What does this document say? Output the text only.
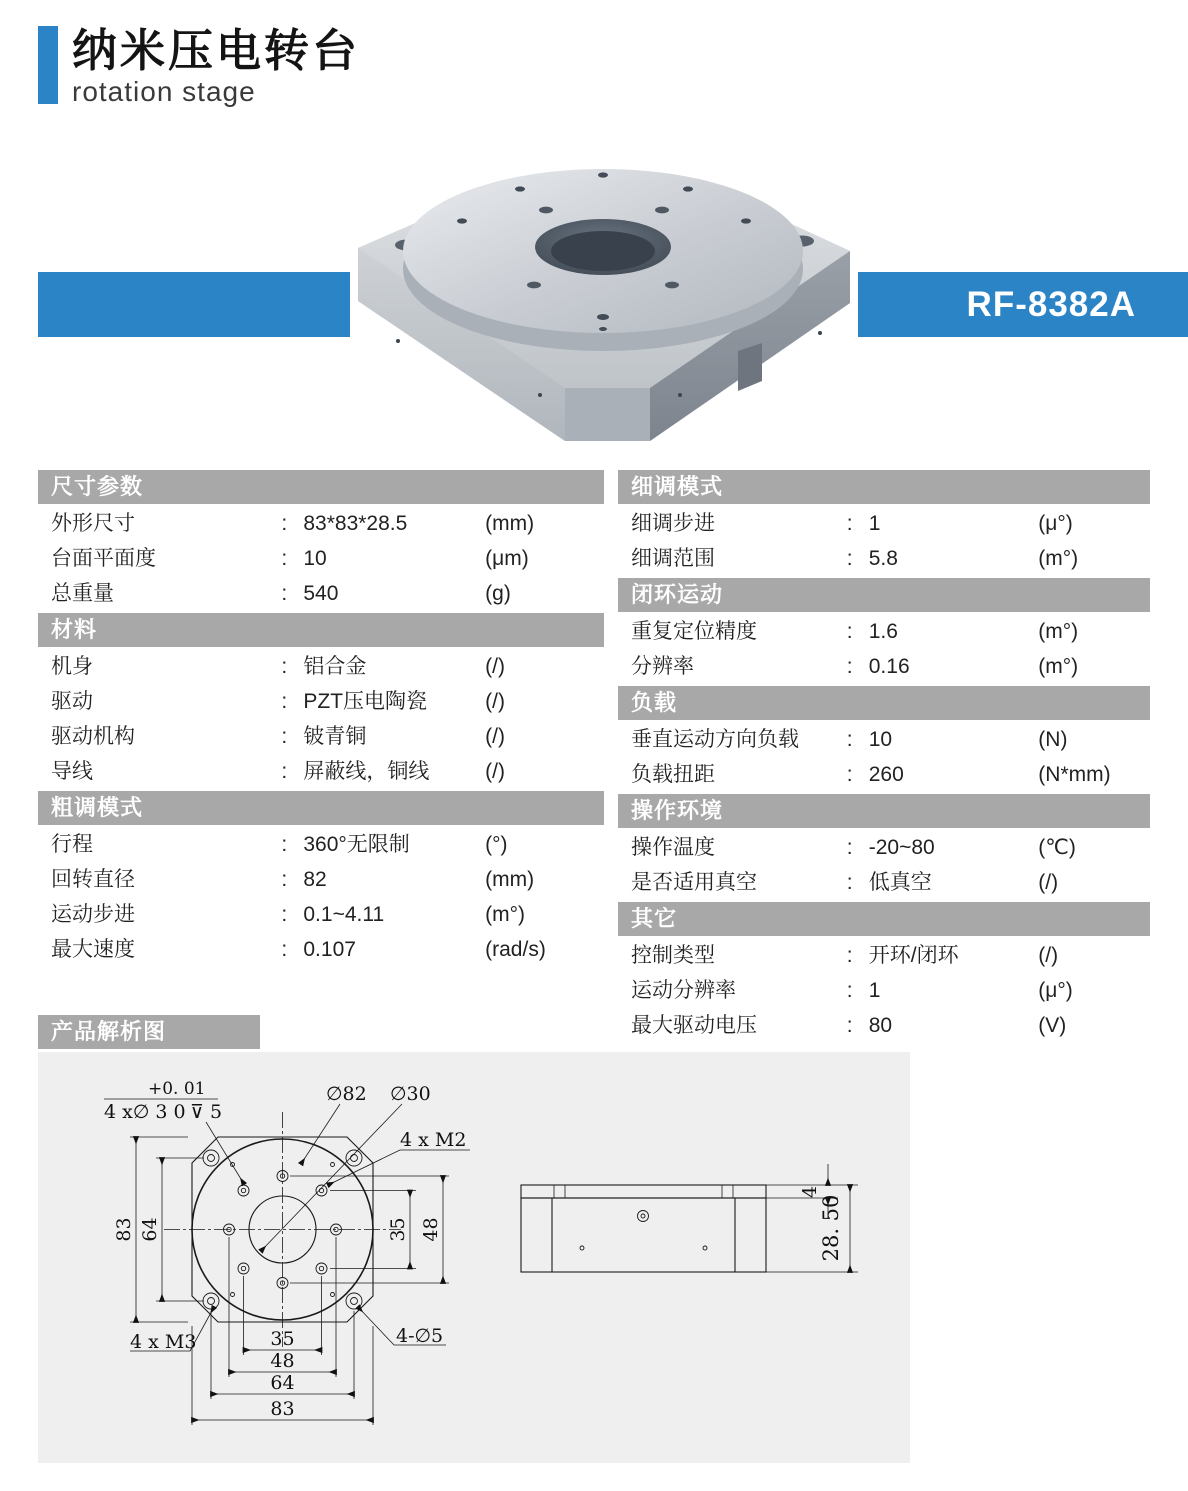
纳米压电转台
rotation stage
RF-8382A
尺寸参数
外形尺寸	: 83*83*28.5	(mm)
台面平面度	: 10	(μm)
总重量	: 540	(g)
材料
机身	: 铝合金	(/)
驱动	: PZT压电陶瓷	(/)
驱动机构	: 铍青铜	(/)
导线	: 屏蔽线，铜线	(/)
粗调模式
行程	: 360°无限制	(°)
回转直径	: 82	(mm)
运动步进	: 0.1~4.11	(m°)
最大速度	: 0.107	(rad/s)
细调模式
细调步进	: 1	(μ°)
细调范围	: 5.8	(m°)
闭环运动
重复定位精度	: 1.6	(m°)
分辨率	: 0.16	(m°)
负载
垂直运动方向负载	: 10	(N)
负载扭距	: 260	(N*mm)
操作环境
操作温度	: -20~80	(℃)
是否适用真空	: 低真空	(/)
其它
控制类型	: 开环/闭环	(/)
运动分辨率	: 1	(μ°)
最大驱动电压	: 80	(V)
产品解析图
+0. 01
4 x∅ 3 0 ⊽ 5
∅82 ∅30
4 x M2
4 x M3	4-∅5
83 64	35 48
35
48
64
83
4
28. 50
